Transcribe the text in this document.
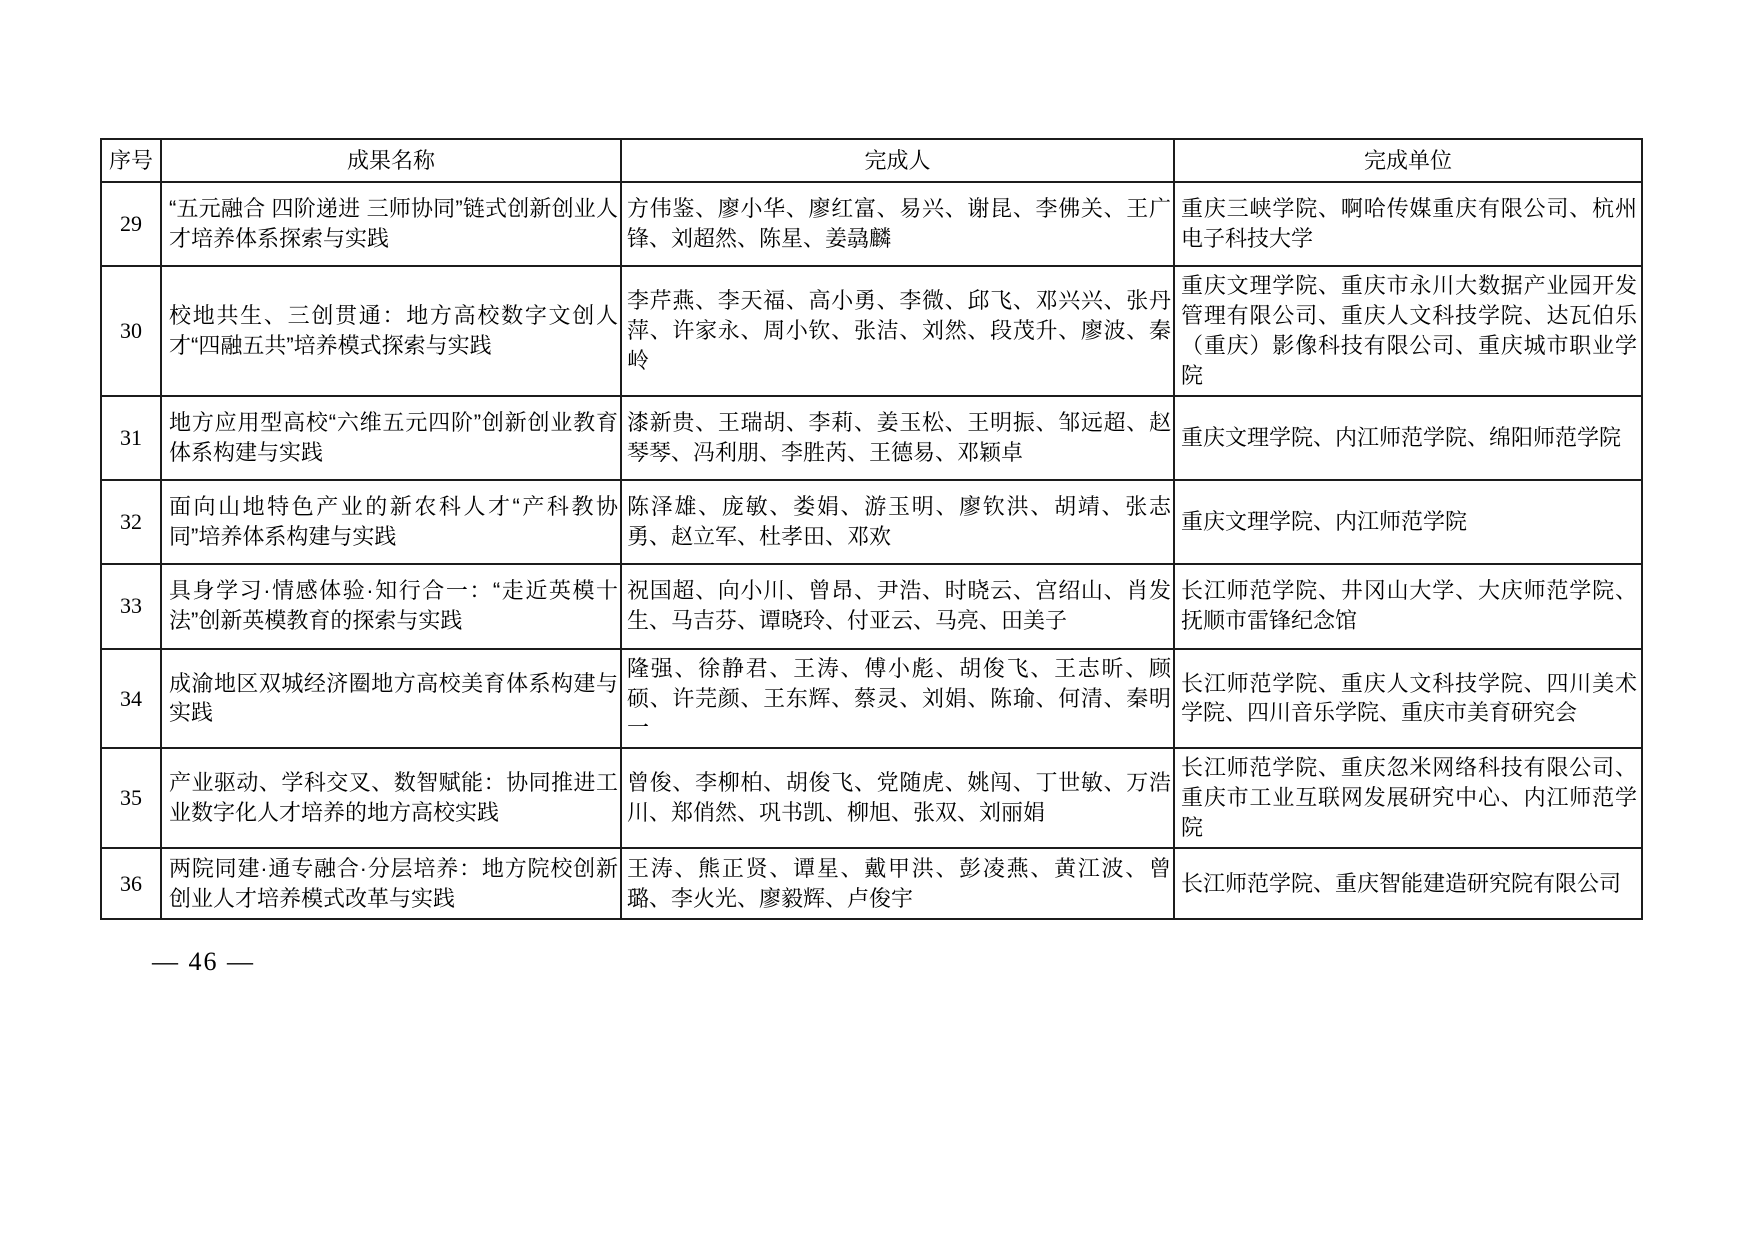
序号	成果名称	完成人	完成单位
29	“五元融合 四阶递进 三师协同”链式创新创业人才培养体系探索与实践	方伟鉴、廖小华、廖红富、易兴、谢昆、李佛关、王广锋、刘超然、陈星、姜骉麟	重庆三峡学院、啊哈传媒重庆有限公司、杭州电子科技大学
30	校地共生、三创贯通：地方高校数字文创人才“四融五共”培养模式探索与实践	李芹燕、李天福、高小勇、李微、邱飞、邓兴兴、张丹萍、许家永、周小钦、张洁、刘然、段茂升、廖波、秦岭	重庆文理学院、重庆市永川大数据产业园开发管理有限公司、重庆人文科技学院、达瓦伯乐（重庆）影像科技有限公司、重庆城市职业学院
31	地方应用型高校“六维五元四阶”创新创业教育体系构建与实践	漆新贵、王瑞胡、李莉、姜玉松、王明振、邹远超、赵琴琴、冯利朋、李胜芮、王德易、邓颖卓	重庆文理学院、内江师范学院、绵阳师范学院
32	面向山地特色产业的新农科人才“产科教协同”培养体系构建与实践	陈泽雄、庞敏、娄娟、游玉明、廖钦洪、胡靖、张志勇、赵立军、杜孝田、邓欢	重庆文理学院、内江师范学院
33	具身学习·情感体验·知行合一：“走近英模十法”创新英模教育的探索与实践	祝国超、向小川、曾昂、尹浩、时晓云、宫绍山、肖发生、马吉芬、谭晓玲、付亚云、马亮、田美子	长江师范学院、井冈山大学、大庆师范学院、抚顺市雷锋纪念馆
34	成渝地区双城经济圈地方高校美育体系构建与实践	隆强、徐静君、王涛、傅小彪、胡俊飞、王志昕、顾硕、许芫颜、王东辉、蔡灵、刘娟、陈瑜、何清、秦明一	长江师范学院、重庆人文科技学院、四川美术学院、四川音乐学院、重庆市美育研究会
35	产业驱动、学科交叉、数智赋能：协同推进工业数字化人才培养的地方高校实践	曾俊、李柳柏、胡俊飞、党随虎、姚闯、丁世敏、万浩川、郑俏然、巩书凯、柳旭、张双、刘丽娟	长江师范学院、重庆忽米网络科技有限公司、重庆市工业互联网发展研究中心、内江师范学院
36	两院同建·通专融合·分层培养：地方院校创新创业人才培养模式改革与实践	王涛、熊正贤、谭星、戴甲洪、彭凌燕、黄江波、曾璐、李火光、廖毅辉、卢俊宇	长江师范学院、重庆智能建造研究院有限公司
— 46 —
